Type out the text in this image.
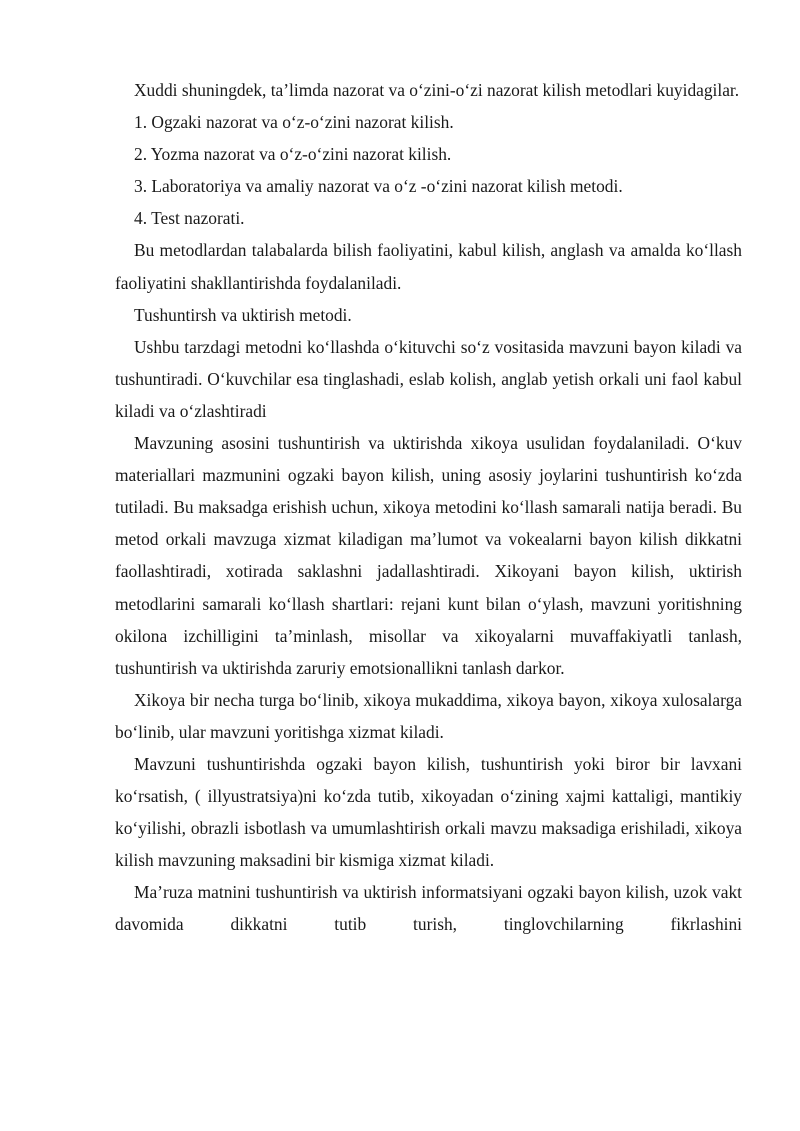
Xuddi shuningdek, ta’limda nazorat va oʻzini-oʻzi nazorat kilish metodlari kuyidagilar.

1. Ogzaki nazorat va oʻz-oʻzini nazorat kilish.

2. Yozma nazorat va oʻz-oʻzini nazorat kilish.

3. Laboratoriya va amaliy nazorat va oʻz -oʻzini nazorat kilish metodi.

4. Test nazorati.

Bu metodlardan talabalarda bilish faoliyatini, kabul kilish, anglash va amalda koʻllash faoliyatini shakllantirishda foydalaniladi.

Tushuntirsh va uktirish metodi.

Ushbu tarzdagi metodni koʻllashda oʻkituvchi soʻz vositasida mavzuni bayon kiladi va tushuntiradi. Oʻkuvchilar esa tinglashadi, eslab kolish, anglab yetish orkali uni faol kabul kiladi va oʻzlashtiradi

Mavzuning asosini tushuntirish va uktirishda xikoya usulidan foydalaniladi. Oʻkuv materiallari mazmunini ogzaki bayon kilish, uning asosiy joylarini tushuntirish koʻzda tutiladi. Bu maksadga erishish uchun, xikoya metodini koʻllash samarali natija beradi. Bu metod orkali mavzuga xizmat kiladigan ma’lumot va vokealarni bayon kilish dikkatni faollashtiradi, xotirada saklashni jadallashtiradi. Xikoyani bayon kilish, uktirish metodlarini samarali koʻllash shartlari: rejani kunt bilan oʻylash, mavzuni yoritishning okilona izchilligini ta’minlash, misollar va xikoyalarni muvaffakiyatli tanlash, tushuntirish va uktirishda zaruriy emotsionallikni tanlash darkor.

Xikoya bir necha turga boʻlinib, xikoya mukaddima, xikoya bayon, xikoya xulosalarga boʻlinib, ular mavzuni yoritishga xizmat kiladi.

Mavzuni tushuntirishda ogzaki bayon kilish, tushuntirish yoki biror bir lavxani koʻrsatish, ( illyustratsiya)ni koʻzda tutib, xikoyadan oʻzining xajmi kattaligi, mantikiy koʻyilishi, obrazli isbotlash va umumlashtirish orkali mavzu maksadiga erishiladi, xikoya kilish mavzuning maksadini bir kismiga xizmat kiladi.

Ma’ruza matnini tushuntirish va uktirish informatsiyani ogzaki bayon kilish, uzok vakt davomida dikkatni tutib turish, tinglovchilarning fikrlashini
